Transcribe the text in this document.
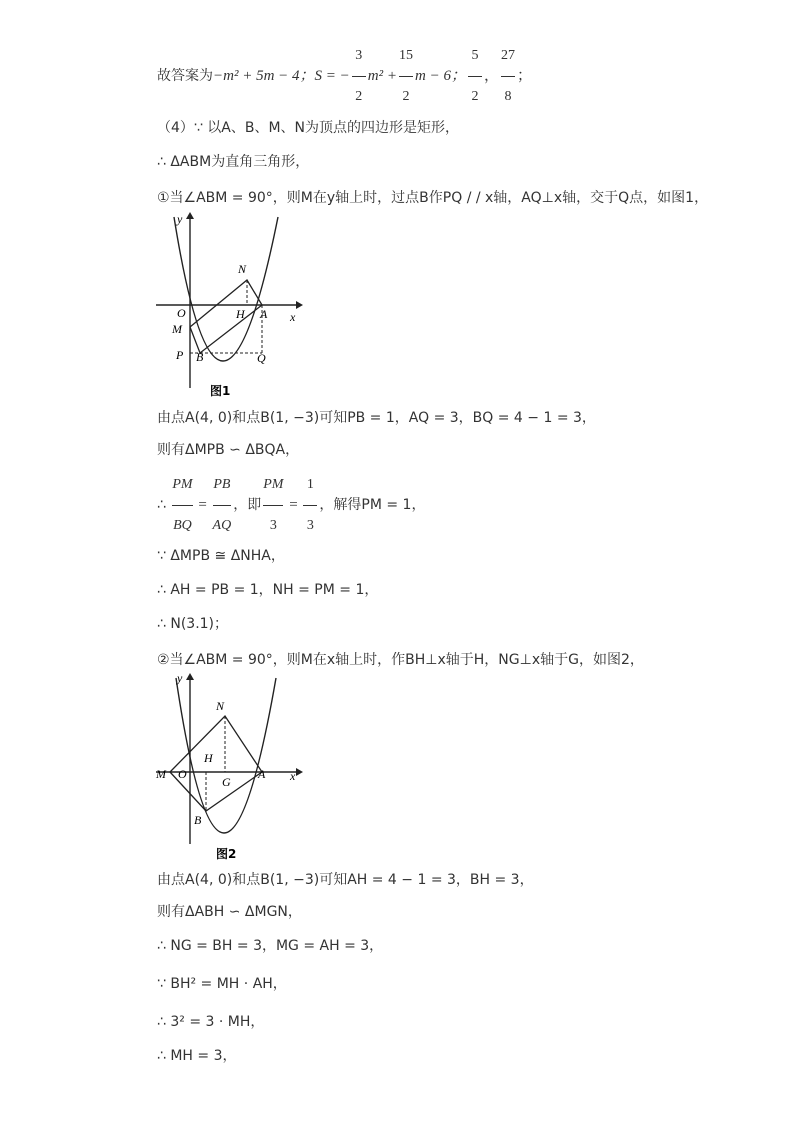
故答案为−m² + 5m − 4；S = − $\frac{3}{2} m^2 + \frac{15}{2}$ m − 6； $\frac{5}{2}$ ， $\frac{27}{8}$ ；
（4）∵ 以A、B、M、N为顶点的四边形是矩形，
∴ ΔABM为直角三角形，
①当∠ABM = 90°，则M在y轴上时，过点B作PQ / / x轴，AQ⊥x轴，交于Q点，如图1，
y
x
O
M
P B
N
H A
Q
图1
由点A(4, 0)和点B(1, −3)可知PB = 1，AQ = 3，BQ = 4 − 1 = 3，
则有ΔMPB ∽ ΔBQA，
∴ $\frac{PM}{BQ} = \frac{PB}{AQ}$ ，即 $\frac{PM}{3} = \frac{1}{3}$ ，解得PM = 1，
∵ ΔMPB ≅ ΔNHA，
∴ AH = PB = 1，NH = PM = 1，
∴ N(3.1)；
②当∠ABM = 90°，则M在x轴上时，作BH⊥x轴于H，NG⊥x轴于G，如图2，
y
x
M O
N
H
G
A
B
图2
由点A(4, 0)和点B(1, −3)可知AH = 4 − 1 = 3，BH = 3，
则有ΔABH ∽ ΔMGN，
∴ NG = BH = 3，MG = AH = 3，
∵ BH² = MH · AH，
∴ 3² = 3 · MH，
∴ MH = 3，
